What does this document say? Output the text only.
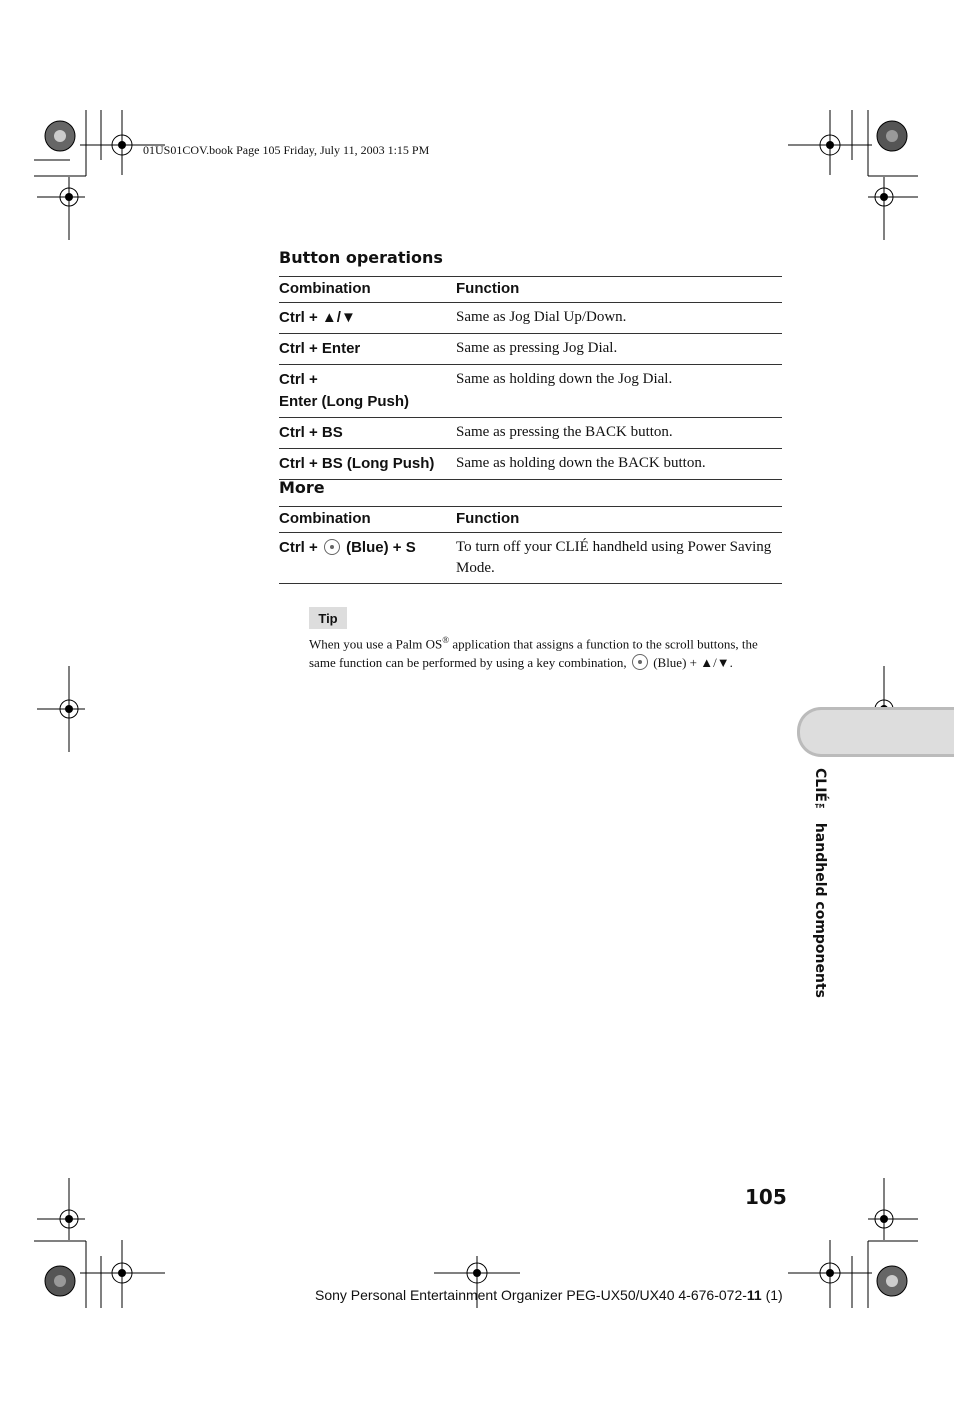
01US01COV.book Page 105 Friday, July 11, 2003 1:15 PM
Button operations
Combination	Function
Ctrl + ▲/▼	Same as Jog Dial Up/Down.
Ctrl + Enter	Same as pressing Jog Dial.

Ctrl +
Enter (Long Push)	Same as holding down the Jog Dial.
Ctrl + BS	Same as pressing the BACK button.
Ctrl + BS (Long Push)	Same as holding down the BACK button.
More
Combination	Function
Ctrl + (Blue) + S	To turn off your CLIÉ handheld using Power Saving Mode.
Tip
When you use a Palm OS® application that assigns a function to the scroll buttons, the same function can be performed by using a key combination, (Blue) + ▲/▼.
CLIÉ™ handheld components
105
Sony Personal Entertainment Organizer PEG-UX50/UX40 4-676-072-11 (1)
